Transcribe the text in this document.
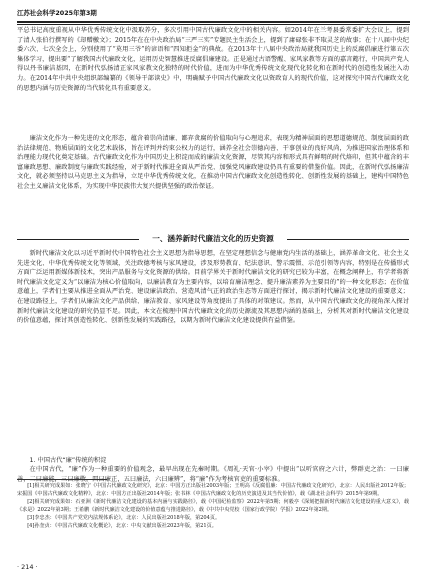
江苏社会科学2025年第3期

平总书记高度重视从中华优秀传统文化中汲取养分，多次引用中国古代廉政文化中的相关内容。如2014年在兰考县委常委扩大会议上，提到了清人张伯行撰写的《却赠檄文》；2015年在在中央政治局“三严三实”专题民主生活会上，提到了庸碌张非不取灵芝的故事；在十八届中央纪委六次、七次全会上，分别使用了“莫用三爷”的谚语和“四知拒金”的典故。在2013年十八届中央政治局就我国历史上的反腐倡廉进行第五次集体学习，提出要“了解我国古代廉政文化，运用历史智慧推进反腐倡廉建设。正是通过古语警醒、家风家教等方面的嘉言懿行，中国共产党人得以丹书廉洁基因，在新时代弘扬清正家风家教文化独特的时代价值，进而为中华优秀传统文化现代化转化和在新时代的创造性发展注入动力。在2014年中共中央组织部编纂的《领导干部读史》中，明确赋予中国古代廉政文化以资政育人的现代价值，这对探究中国古代廉政文化的思想内涵与历史资源的当代转化具有重要意义。

廉洁文化作为一种先进的文化形态，蕴含着崇尚清廉、鄙弃贪腐的价值取向与心理追求，表现为精神层面的思想道德规范、制度层面的政治法律规范、物质层面的文化艺术载体，旨在评判并约束公权力的运行，涵养全社会崇德向善、干事创业的良好风尚，为推进国家治理体系和治理能力现代化奠定基础。古代廉政文化作为中国历史上积淀而成的廉洁文化资源，尽管其内容和形式具有鲜明的时代烙印，但其中蕴含的丰富廉政思想、廉政制度与廉政实践经验，对于新时代推进全面从严治党、加强党风廉政建设仍具有重要的借鉴价值。因此，在新时代弘扬廉洁文化，就必须坚持以马克思主义为指导，立足中华优秀传统文化，在推动中国古代廉政文化创造性转化、创新性发展的基础上，建构中国特色社会主义廉洁文化体系，为实现中华民族伟大复兴提供坚强的政治保证。

一、涵养新时代廉洁文化的历史资源

新时代廉洁文化以习近平新时代中国特色社会主义思想为指导思想，在坚定理想信念与健康党内生活的基础上，涵养革命文化、社会主义先进文化、中华优秀传统文化等领域，关注政德考核与家风建设，涉及形势教育、纪法意识、警示震慑、示范引领等内容，特别是在传播形式方面广泛运用新媒体新技术，突出产品服务与文化资源的供给。目前学界关于新时代廉洁文化的研究已较为丰富，在概念阐释上，有学者将新时代廉洁文化定义为“以廉洁为核心价值取向，以廉洁教育为主要内容，以培育廉洁理念、提升廉洁素养为主要目的”的一种文化形态；在价值意蕴上，学者们主要从推进全面从严治党、建设廉洁政治、营造风清气正的政治生态等方面进行探讨，揭示新时代廉洁文化建设的重要意义；在建设路径上，学者们从廉洁文化产品供给、廉洁教育、家风建设等角度提出了具体的对策建议。然而，从中国古代廉政文化的视角深入探讨新时代廉洁文化建设的研究仍显不足。因此，本文在梳理中国古代廉政文化的历史源流及其思想内涵的基础上，分析其对新时代廉洁文化建设的价值意蕴，探讨其创造性转化、创新性发展的实践路径，以期为新时代廉洁文化建设提供有益借鉴。

1. 中国古代“廉”传统的积淀

在中国古代，“廉”作为一种重要的价值观念，最早出现在先秦时期。《周礼·天官·小宰》中提出“以听官府之六计，弊群吏之治：一曰廉善，二曰廉能，三曰廉敬，四曰廉正，五曰廉法，六曰廉辨”，将“廉”作为考核官吏的重要标准。

[1]相关研究成果如：张晓宁《中国古代廉政文化研究》，北京：中国方正出版社2003年版；王明高《反腐倡廉：中国古代廉政文化研究》，北京：人民出版社2012年版；宋振国《中国古代廉政文化精粹》，北京：中国方正出版社2014年版；张书林《中国古代廉政文化的历史演进及其当代价值》，载《湖北社会科学》2015年第9期。

[2]相关研究成果如：石亚洲《新时代廉洁文化建设的基本内涵与实践路径》，载《中国纪检监察》2022年第5期；何毅亭《深刻把握新时代廉洁文化建设的重大意义》，载《求是》2022年第3期；王希鹏《新时代廉洁文化建设的价值意蕴与推进路径》，载《中共中央党校（国家行政学院）学报》2022年第2期。

[3]李忠杰：《中国共产党党内法规体系论》，北京：人民出版社2018年版，第204页。

[4]孙奎贞：《中国古代廉政文化概论》，北京：中央文献出版社2023年版，第21页。

· 214 ·
